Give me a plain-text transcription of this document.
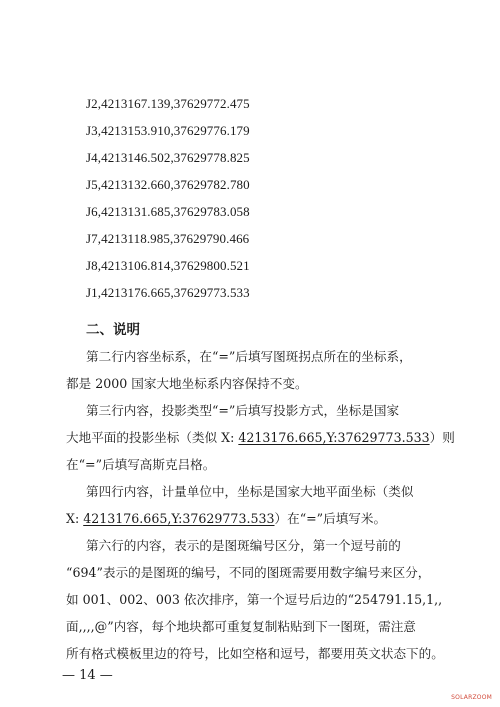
J2,4213167.139,37629772.475
J3,4213153.910,37629776.179
J4,4213146.502,37629778.825
J5,4213132.660,37629782.780
J6,4213131.685,37629783.058
J7,4213118.985,37629790.466
J8,4213106.814,37629800.521
J1,4213176.665,37629773.533
二、说明
第二行内容坐标系，在“=”后填写图斑拐点所在的坐标系，
都是 2000 国家大地坐标系内容保持不变。
第三行内容，投影类型“=”后填写投影方式，坐标是国家
大地平面的投影坐标（类似 X: 4213176.665,Y:37629773.533）则
在“=”后填写高斯克吕格。
第四行内容，计量单位中，坐标是国家大地平面坐标（类似
X: 4213176.665,Y:37629773.533）在“=”后填写米。
第六行的内容，表示的是图斑编号区分，第一个逗号前的
“694”表示的是图斑的编号，不同的图斑需要用数字编号来区分，
如 001、002、003 依次排序，第一个逗号后边的“254791.15,1,,
面,,,,@”内容，每个地块都可重复复制粘贴到下一图斑，需注意
— 14 —
SOLARZOOM
所有格式模板里边的符号，比如空格和逗号，都要用英文状态下的。
